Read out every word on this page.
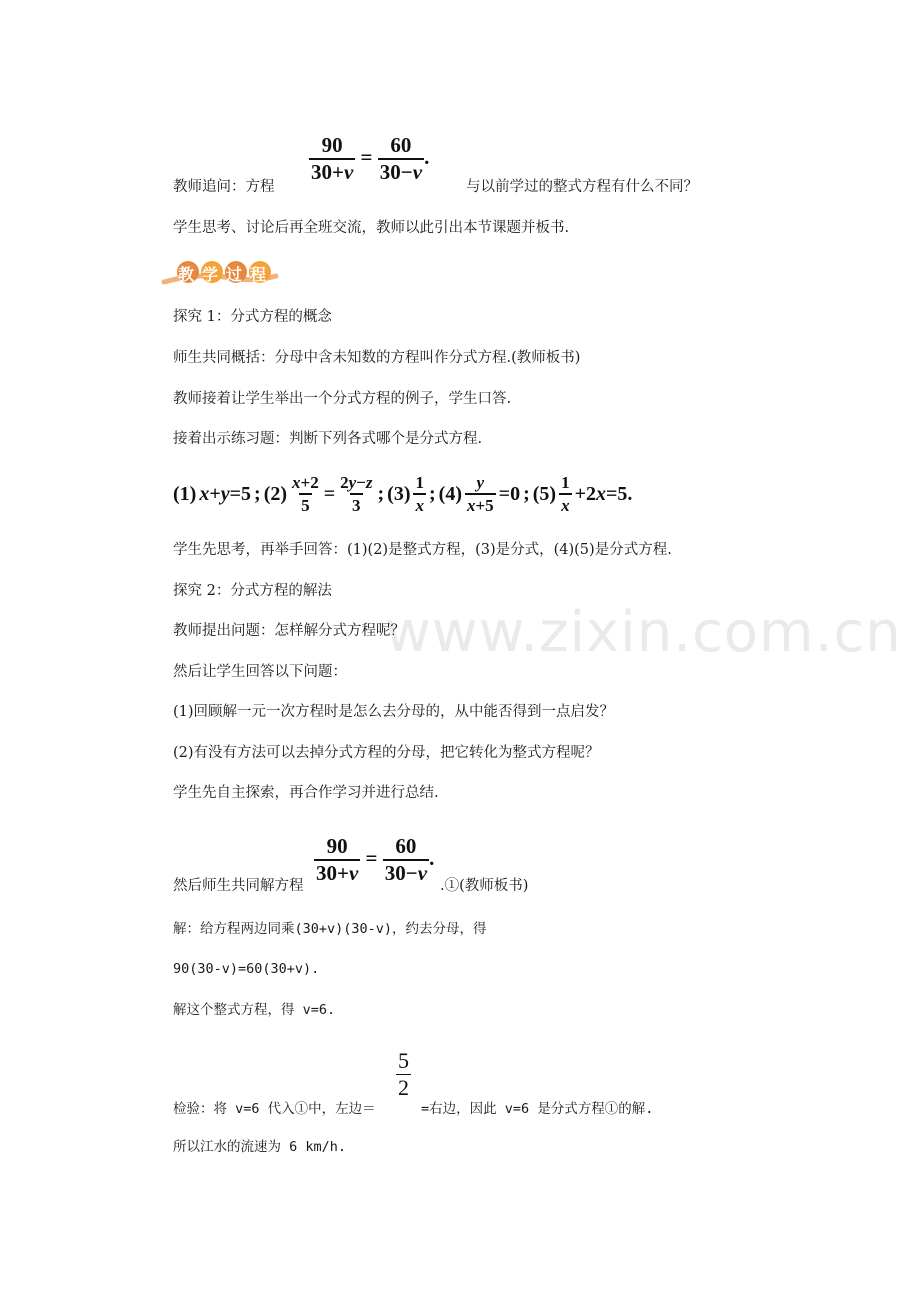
www.zixin.com.cn
$\frac{90}{30+v} = \frac{60}{30-v}$ .
教师追问：方程	与以前学过的整式方程有什么不同？
学生思考、讨论后再全班交流，教师以此引出本节课题并板书.
教学过程
探究 1：分式方程的概念
师生共同概括：分母中含未知数的方程叫作分式方程.(教师板书)
教师接着让学生举出一个分式方程的例子，学生口答.
接着出示练习题：判断下列各式哪个是分式方程.
(1) x+y=5 ; $(2) \frac{x+2}{5} = \frac{2y-z}{3}$ ; $(3) \frac{1}{x}$ ; $(4) \frac{y}{x+5} =0$ ; $(5) \frac{1}{x} +2x=5$.
学生先思考，再举手回答：(1)(2)是整式方程，(3)是分式，(4)(5)是分式方程.
探究 2：分式方程的解法
教师提出问题：怎样解分式方程呢？
然后让学生回答以下问题：
(1)回顾解一元一次方程时是怎么去分母的，从中能否得到一点启发？
(2)有没有方法可以去掉分式方程的分母，把它转化为整式方程呢？
学生先自主探索，再合作学习并进行总结.
$\frac{90}{30+v} = \frac{60}{30-v}$ .
然后师生共同解方程	.①(教师板书)
解：给方程两边同乘(30+v)(30-v)，约去分母，得
90(30-v)=60(30+v).
解这个整式方程，得 v=6.
$\frac{5}{2}$
检验：将 v=6 代入①中，左边＝	=右边，因此 v=6 是分式方程①的解.
所以江水的流速为 6 km/h.
